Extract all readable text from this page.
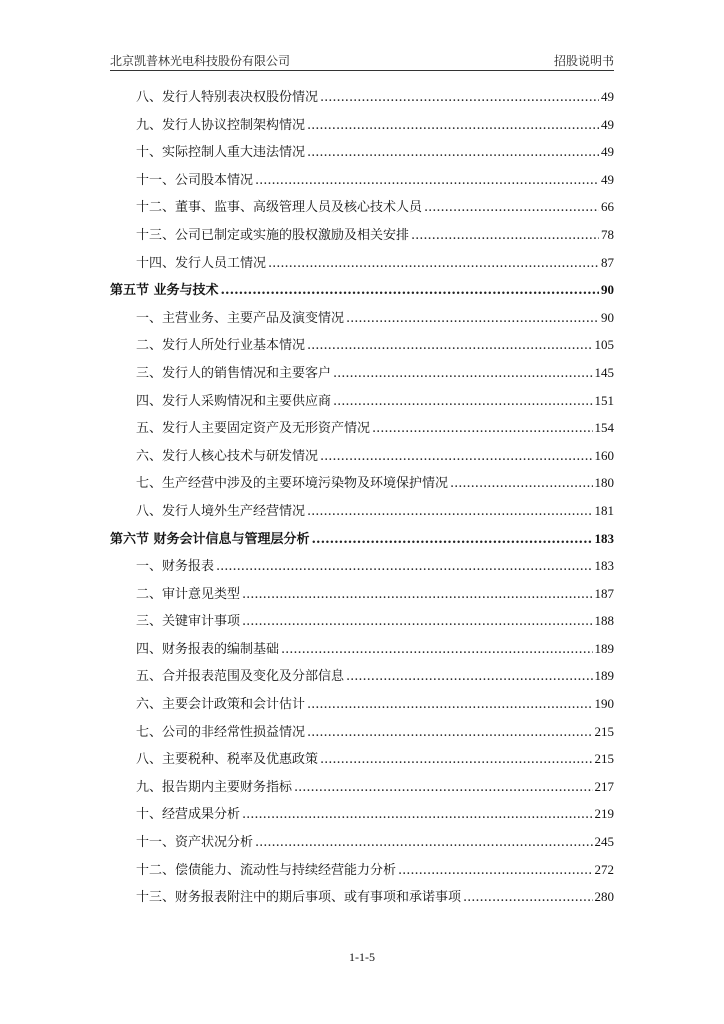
北京凯普林光电科技股份有限公司	招股说明书
八、发行人特别表决权股份情况 .....	49
九、发行人协议控制架构情况 .....	49
十、实际控制人重大违法情况 .....	49
十一、公司股本情况 .....	49
十二、董事、监事、高级管理人员及核心技术人员 .....	66
十三、公司已制定或实施的股权激励及相关安排 .....	78
十四、发行人员工情况 .....	87
第五节 业务与技术 .....	90
一、主营业务、主要产品及演变情况 .....	90
二、发行人所处行业基本情况 .....	105
三、发行人的销售情况和主要客户 .....	145
四、发行人采购情况和主要供应商 .....	151
五、发行人主要固定资产及无形资产情况 .....	154
六、发行人核心技术与研发情况 .....	160
七、生产经营中涉及的主要环境污染物及环境保护情况 .....	180
八、发行人境外生产经营情况 .....	181
第六节 财务会计信息与管理层分析 .....	183
一、财务报表 .....	183
二、审计意见类型 .....	187
三、关键审计事项 .....	188
四、财务报表的编制基础 .....	189
五、合并报表范围及变化及分部信息 .....	189
六、主要会计政策和会计估计 .....	190
七、公司的非经常性损益情况 .....	215
八、主要税种、税率及优惠政策 .....	215
九、报告期内主要财务指标 .....	217
十、经营成果分析 .....	219
十一、资产状况分析 .....	245
十二、偿债能力、流动性与持续经营能力分析 .....	272
十三、财务报表附注中的期后事项、或有事项和承诺事项 .....	280
1-1-5
